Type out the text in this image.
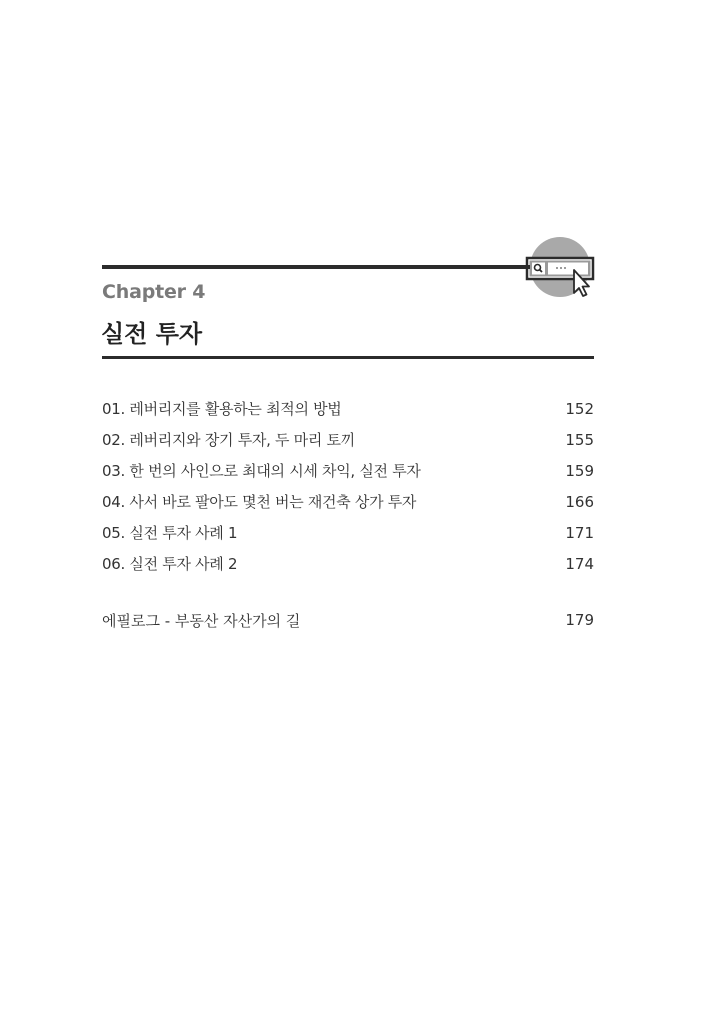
Chapter 4
실전 투자
01. 레버리지를 활용하는 최적의 방법	152
02. 레버리지와 장기 투자, 두 마리 토끼	155
03. 한 번의 사인으로 최대의 시세 차익, 실전 투자	159
04. 사서 바로 팔아도 몇천 버는 재건축 상가 투자	166
05. 실전 투자 사례 1	171
06. 실전 투자 사례 2	174
에필로그 - 부동산 자산가의 길	179
